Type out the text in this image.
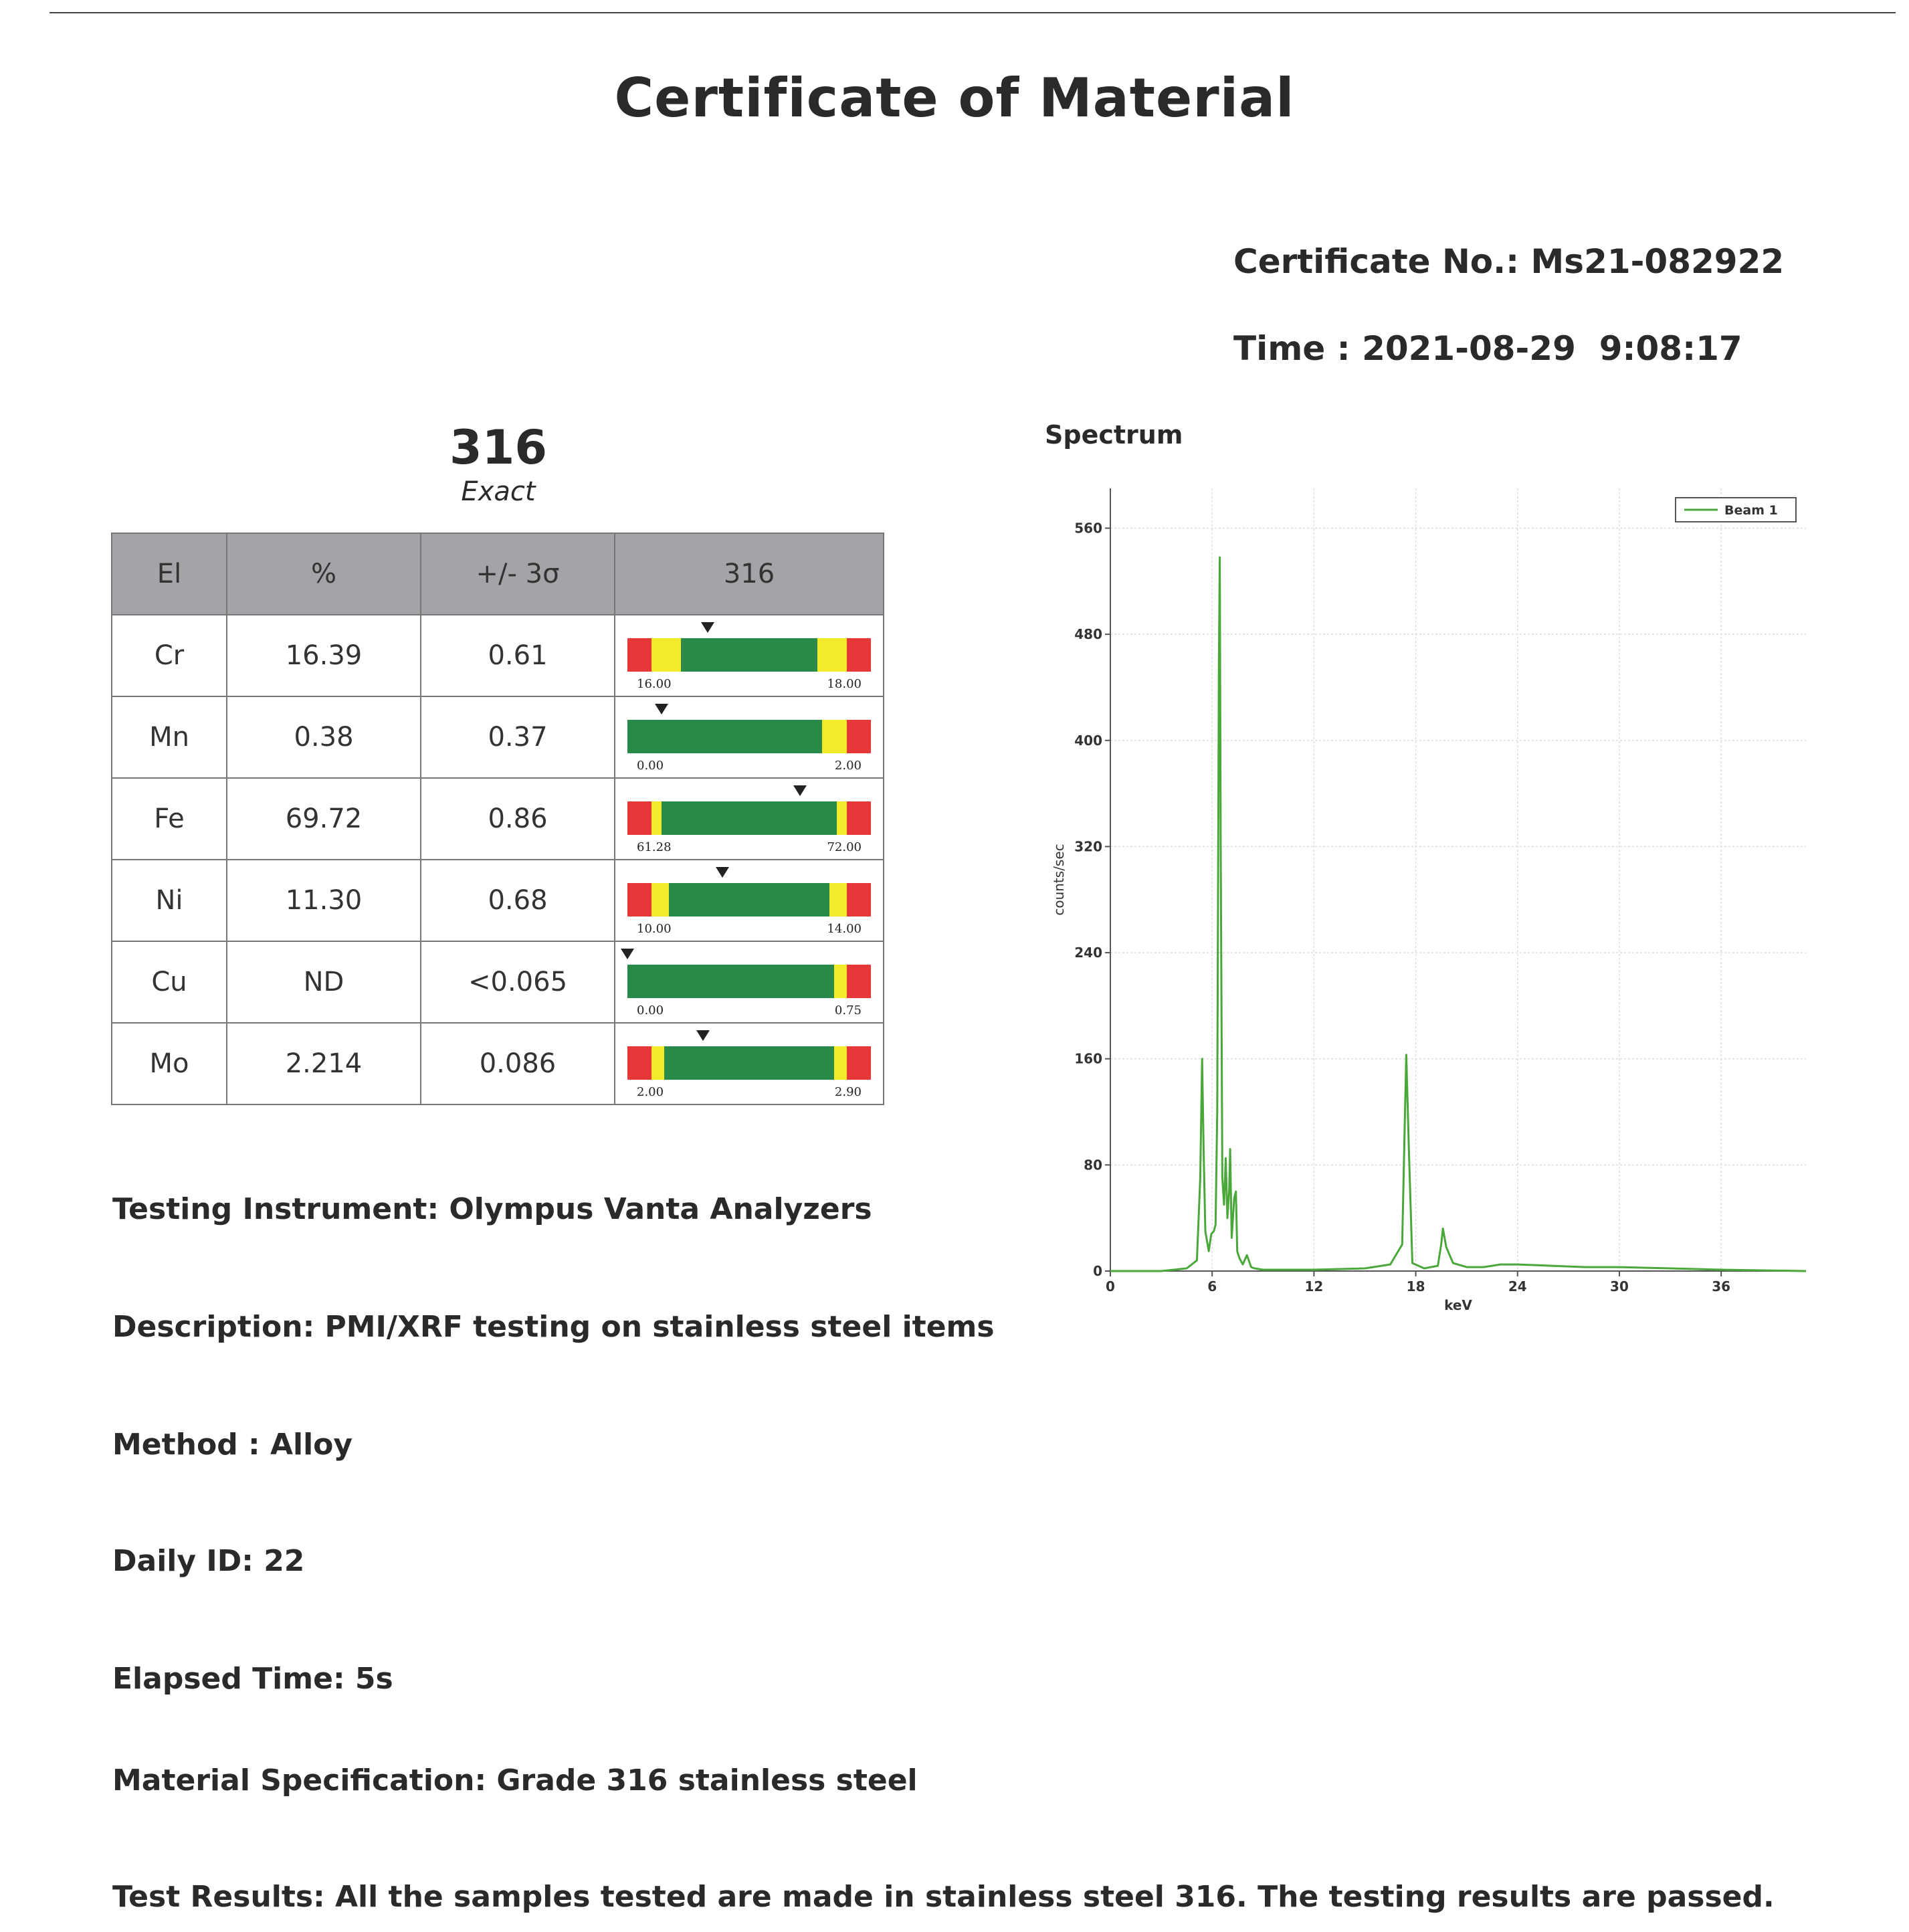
Certificate of Material
Certificate No.: Ms21-082922
Time : 2021-08-29  9:08:17
316
Exact
El	%	+/- 3σ	316
Cr	16.39	0.61	16.00 18.00

Mn	0.38	0.37	0.00 2.00

Fe	69.72	0.86	61.28 72.00

Ni	11.30	0.68	10.00 14.00

Cu	ND	<0.065	0.00 0.75

Mo	2.214	0.086	2.00 2.90
Testing Instrument: Olympus Vanta Analyzers
Description: PMI/XRF testing on stainless steel items
Method : Alloy
Daily ID: 22
Elapsed Time: 5s
Material Specification: Grade 316 stainless steel
Test Results: All the samples tested are made in stainless steel 316. The testing results are passed.
Spectrum
0
80
160
240
320
400
480
560
0	6	12	18	24	30	36
keV
counts/sec
Beam 1
